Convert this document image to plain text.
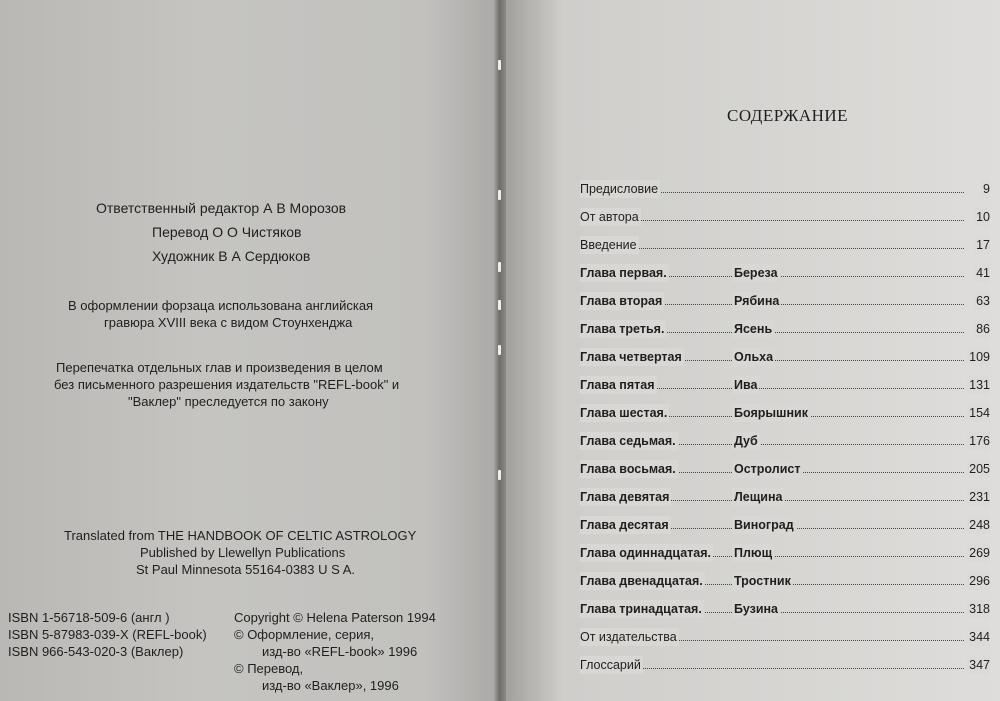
Ответственный редактор А В Морозов
Перевод О О Чистяков
Художник В А Сердюков
В оформлении форзаца использована английская
гравюра XVIII века с видом Стоунхенджа
Перепечатка отдельных глав и произведения в целом
без письменного разрешения издательств "REFL-book" и
"Ваклер" преследуется по закону
Translated from THE HANDBOOK OF CELTIC ASTROLOGY
Published by Llewellyn Publications
St Paul Minnesota 55164-0383 U S A.
ISBN 1-56718-509-6 (англ )
ISBN 5-87983-039-X (REFL-book)
ISBN 966-543-020-3 (Ваклер)
Copyright © Helena Paterson 1994
© Оформление, серия,
изд-во «REFL-book» 1996
© Перевод,
изд-во «Ваклер», 1996
СОДЕРЖАНИЕ
Предисловие	9
От автора	10
Введение	17
Глава первая.	Береза	41
Глава вторая	Рябина	63
Глава третья.	Ясень	86
Глава четвертая	Ольха	109
Глава пятая	Ива	131
Глава шестая.	Боярышник	154
Глава седьмая.	Дуб	176
Глава восьмая.	Остролист	205
Глава девятая	Лещина	231
Глава десятая	Виноград	248
Глава одиннадцатая. Плющ	269
Глава двенадцатая. Тростник	296
Глава тринадцатая.	Бузина	318
От издательства	344
Глоссарий	347
